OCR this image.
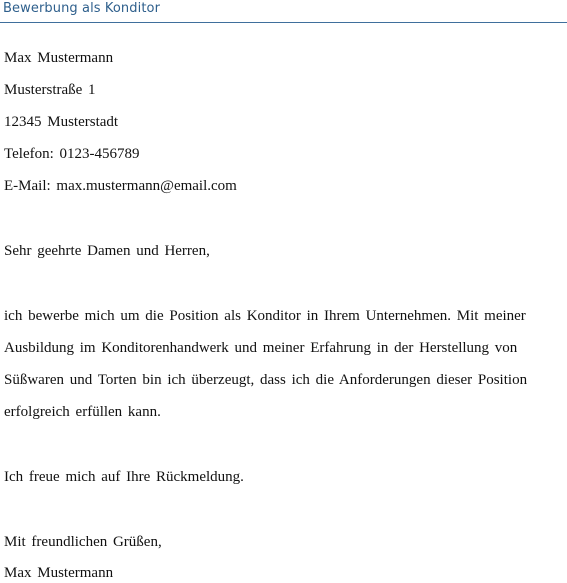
Bewerbung als Konditor
Max Mustermann
Musterstraße 1
12345 Musterstadt
Telefon: 0123-456789
E-Mail: max.mustermann@email.com
Sehr geehrte Damen und Herren,
ich bewerbe mich um die Position als Konditor in Ihrem Unternehmen. Mit meiner
Ausbildung im Konditorenhandwerk und meiner Erfahrung in der Herstellung von
Süßwaren und Torten bin ich überzeugt, dass ich die Anforderungen dieser Position
erfolgreich erfüllen kann.
Ich freue mich auf Ihre Rückmeldung.
Mit freundlichen Grüßen,
Max Mustermann
